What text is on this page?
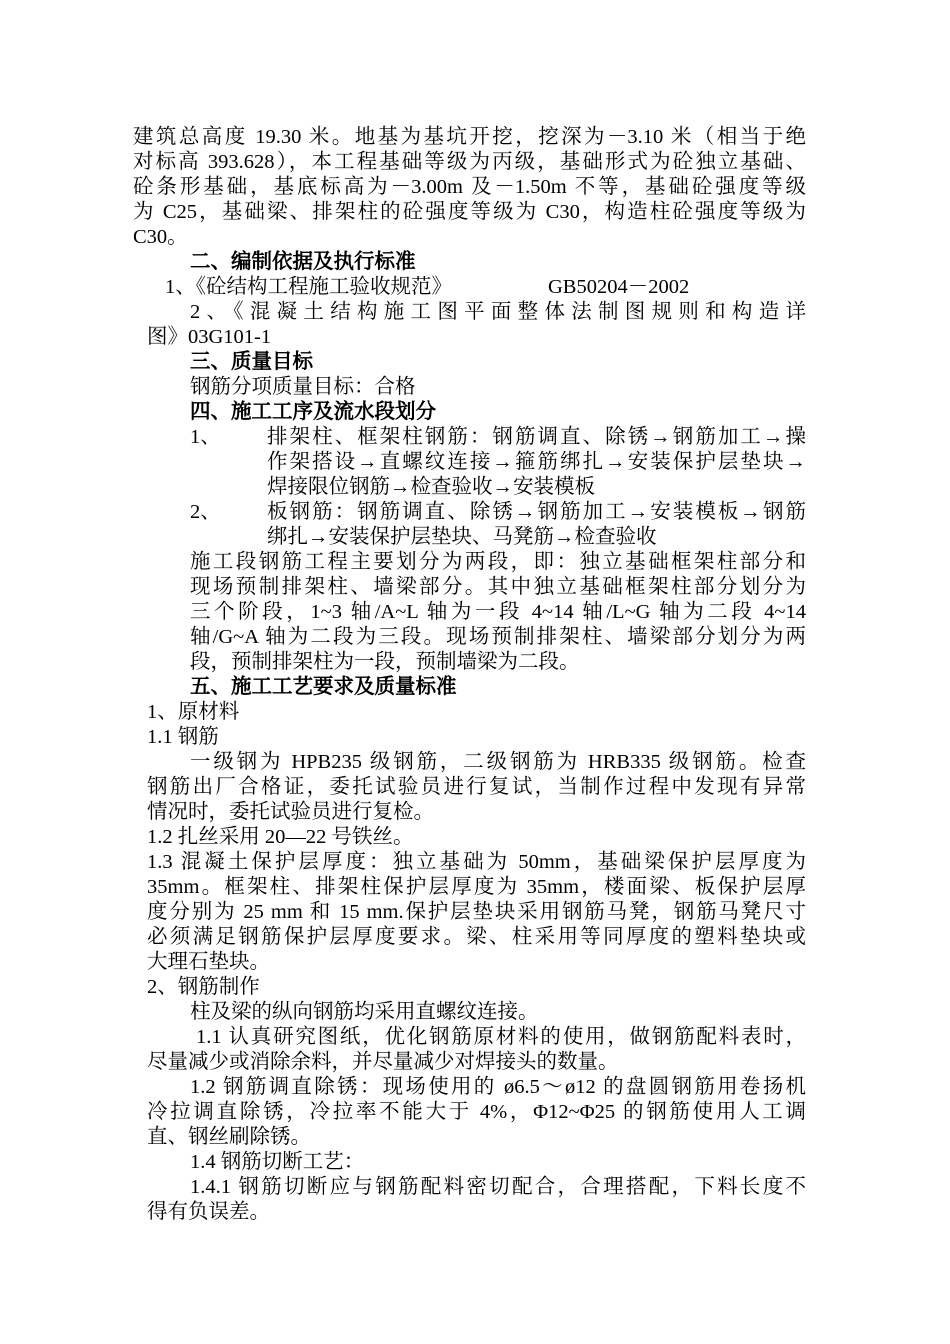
建筑总高度 19.30 米。地基为基坑开挖，挖深为－3.10 米（相当于绝
对标高 393.628），本工程基础等级为丙级，基础形式为砼独立基础、
砼条形基础，基底标高为－3.00m 及－1.50m 不等，基础砼强度等级
为 C25，基础梁、排架柱的砼强度等级为 C30，构造柱砼强度等级为
C30。
二、编制依据及执行标准
1、《砼结构工程施工验收规范》	GB50204－2002
2、《混凝土结构施工图平面整体法制图规则和构造详
图》03G101-1
三、质量目标
钢筋分项质量目标：合格
四、施工工序及流水段划分
1、 排架柱、框架柱钢筋：钢筋调直、除锈→钢筋加工→操
作架搭设→直螺纹连接→箍筋绑扎→安装保护层垫块→
焊接限位钢筋→检查验收→安装模板
2、 板钢筋：钢筋调直、除锈→钢筋加工→安装模板→钢筋
绑扎→安装保护层垫块、马凳筋→检查验收
施工段钢筋工程主要划分为两段，即：独立基础框架柱部分和
现场预制排架柱、墙梁部分。其中独立基础框架柱部分划分为
三个阶段，1~3 轴/A~L 轴为一段 4~14 轴/L~G 轴为二段 4~14
轴/G~A 轴为二段为三段。现场预制排架柱、墙梁部分划分为两
段，预制排架柱为一段，预制墙梁为二段。
五、施工工艺要求及质量标准
1、原材料
1.1 钢筋
一级钢为 HPB235 级钢筋，二级钢筋为 HRB335 级钢筋。检查
钢筋出厂合格证，委托试验员进行复试，当制作过程中发现有异常
情况时，委托试验员进行复检。
1.2 扎丝采用 20—22 号铁丝。
1.3 混凝土保护层厚度：独立基础为 50mm，基础梁保护层厚度为
35mm。框架柱、排架柱保护层厚度为 35mm，楼面梁、板保护层厚
度分别为 25 mm 和 15 mm.保护层垫块采用钢筋马凳，钢筋马凳尺寸
必须满足钢筋保护层厚度要求。梁、柱采用等同厚度的塑料垫块或
大理石垫块。
2、钢筋制作
柱及梁的纵向钢筋均采用直螺纹连接。
1.1 认真研究图纸，优化钢筋原材料的使用，做钢筋配料表时，
尽量减少或消除余料，并尽量减少对焊接头的数量。
1.2 钢筋调直除锈：现场使用的 ø6.5～ø12 的盘圆钢筋用卷扬机
冷拉调直除锈，冷拉率不能大于 4%，Φ12~Φ25 的钢筋使用人工调
直、钢丝刷除锈。
1.4 钢筋切断工艺：
1.4.1 钢筋切断应与钢筋配料密切配合，合理搭配，下料长度不
得有负误差。
